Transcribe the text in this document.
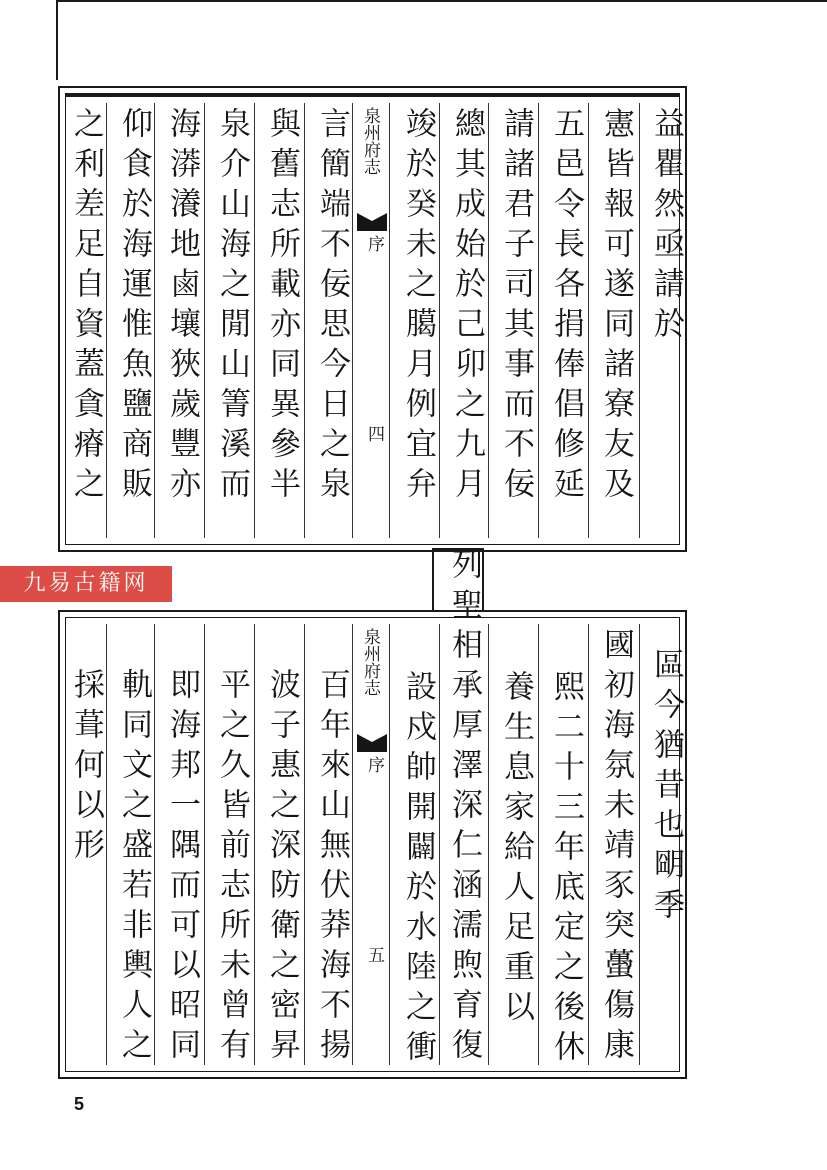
益瞿然亟請於
憲皆報可遂同諸寮友及
五邑令長各捐俸倡修延
請諸君子司其事而不佞
總其成始於己卯之九月
竣於癸未之臈月例宜弁
泉州府志
序
四
言簡端不佞思今日之泉
與舊志所載亦同異參半
泉介山海之閒山箐溪而
海漭瀁地鹵壤狹歲豐亦
仰食於海運惟魚鹽商販
之利差足自資蓋貪瘠之
列聖相承厚澤深仁涵濡煦育復
九易古籍网
區今猶昔也朙季
國初海氛未靖豕突蠆傷康
熙二十三年底定之後休
養生息家給人足重以
設戍帥開闢於水陸之衝
泉州府志
序
五
百年來山無伏莽海不揚
波子惠之深防衛之密昇
平之久皆前志所未曾有
即海邦一隅而可以昭同
軌同文之盛若非輿人之
採葺何以形
5
